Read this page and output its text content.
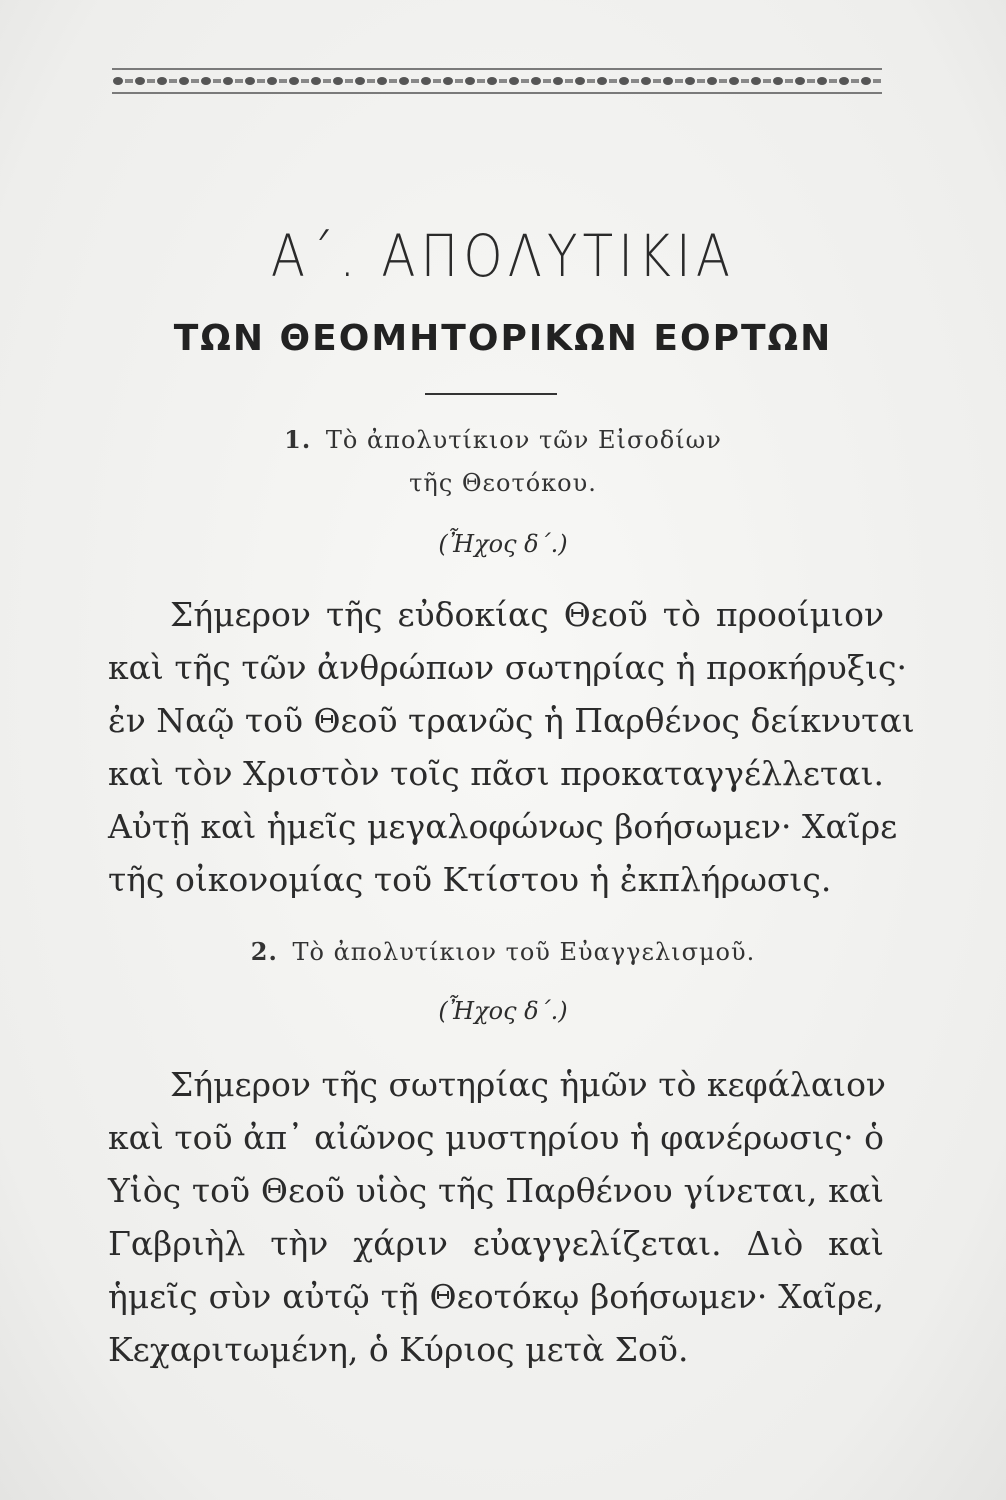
Α΄. ΑΠΟΛΥΤΙΚΙΑ
ΤΩΝ ΘΕΟΜΗΤΟΡΙΚΩΝ ΕΟΡΤΩΝ
1. Τὸ ἀπολυτίκιον τῶν Εἰσοδίων
τῆς Θεοτόκου.
(Ἦχος δ΄.)
Σήμερον τῆς εὐδοκίας Θεοῦ τὸ προοίμιον
καὶ τῆς τῶν ἀνθρώπων σωτηρίας ἡ προκήρυξις·
ἐν Ναῷ τοῦ Θεοῦ τρανῶς ἡ Παρθένος δείκνυται
καὶ τὸν Χριστὸν τοῖς πᾶσι προκαταγγέλλεται.
Αὐτῇ καὶ ἡμεῖς μεγαλοφώνως βοήσωμεν· Χαῖρε
τῆς οἰκονομίας τοῦ Κτίστου ἡ ἐκπλήρωσις.
2. Τὸ ἀπολυτίκιον τοῦ Εὐαγγελισμοῦ.
(Ἦχος δ΄.)
Σήμερον τῆς σωτηρίας ἡμῶν τὸ κεφάλαιον
καὶ τοῦ ἀπ᾿ αἰῶνος μυστηρίου ἡ φανέρωσις· ὁ
Υἱὸς τοῦ Θεοῦ υἱὸς τῆς Παρθένου γίνεται, καὶ
Γαβριὴλ τὴν χάριν εὐαγγελίζεται. Διὸ καὶ
ἡμεῖς σὺν αὐτῷ τῇ Θεοτόκῳ βοήσωμεν· Χαῖρε,
Κεχαριτωμένη, ὁ Κύριος μετὰ Σοῦ.
